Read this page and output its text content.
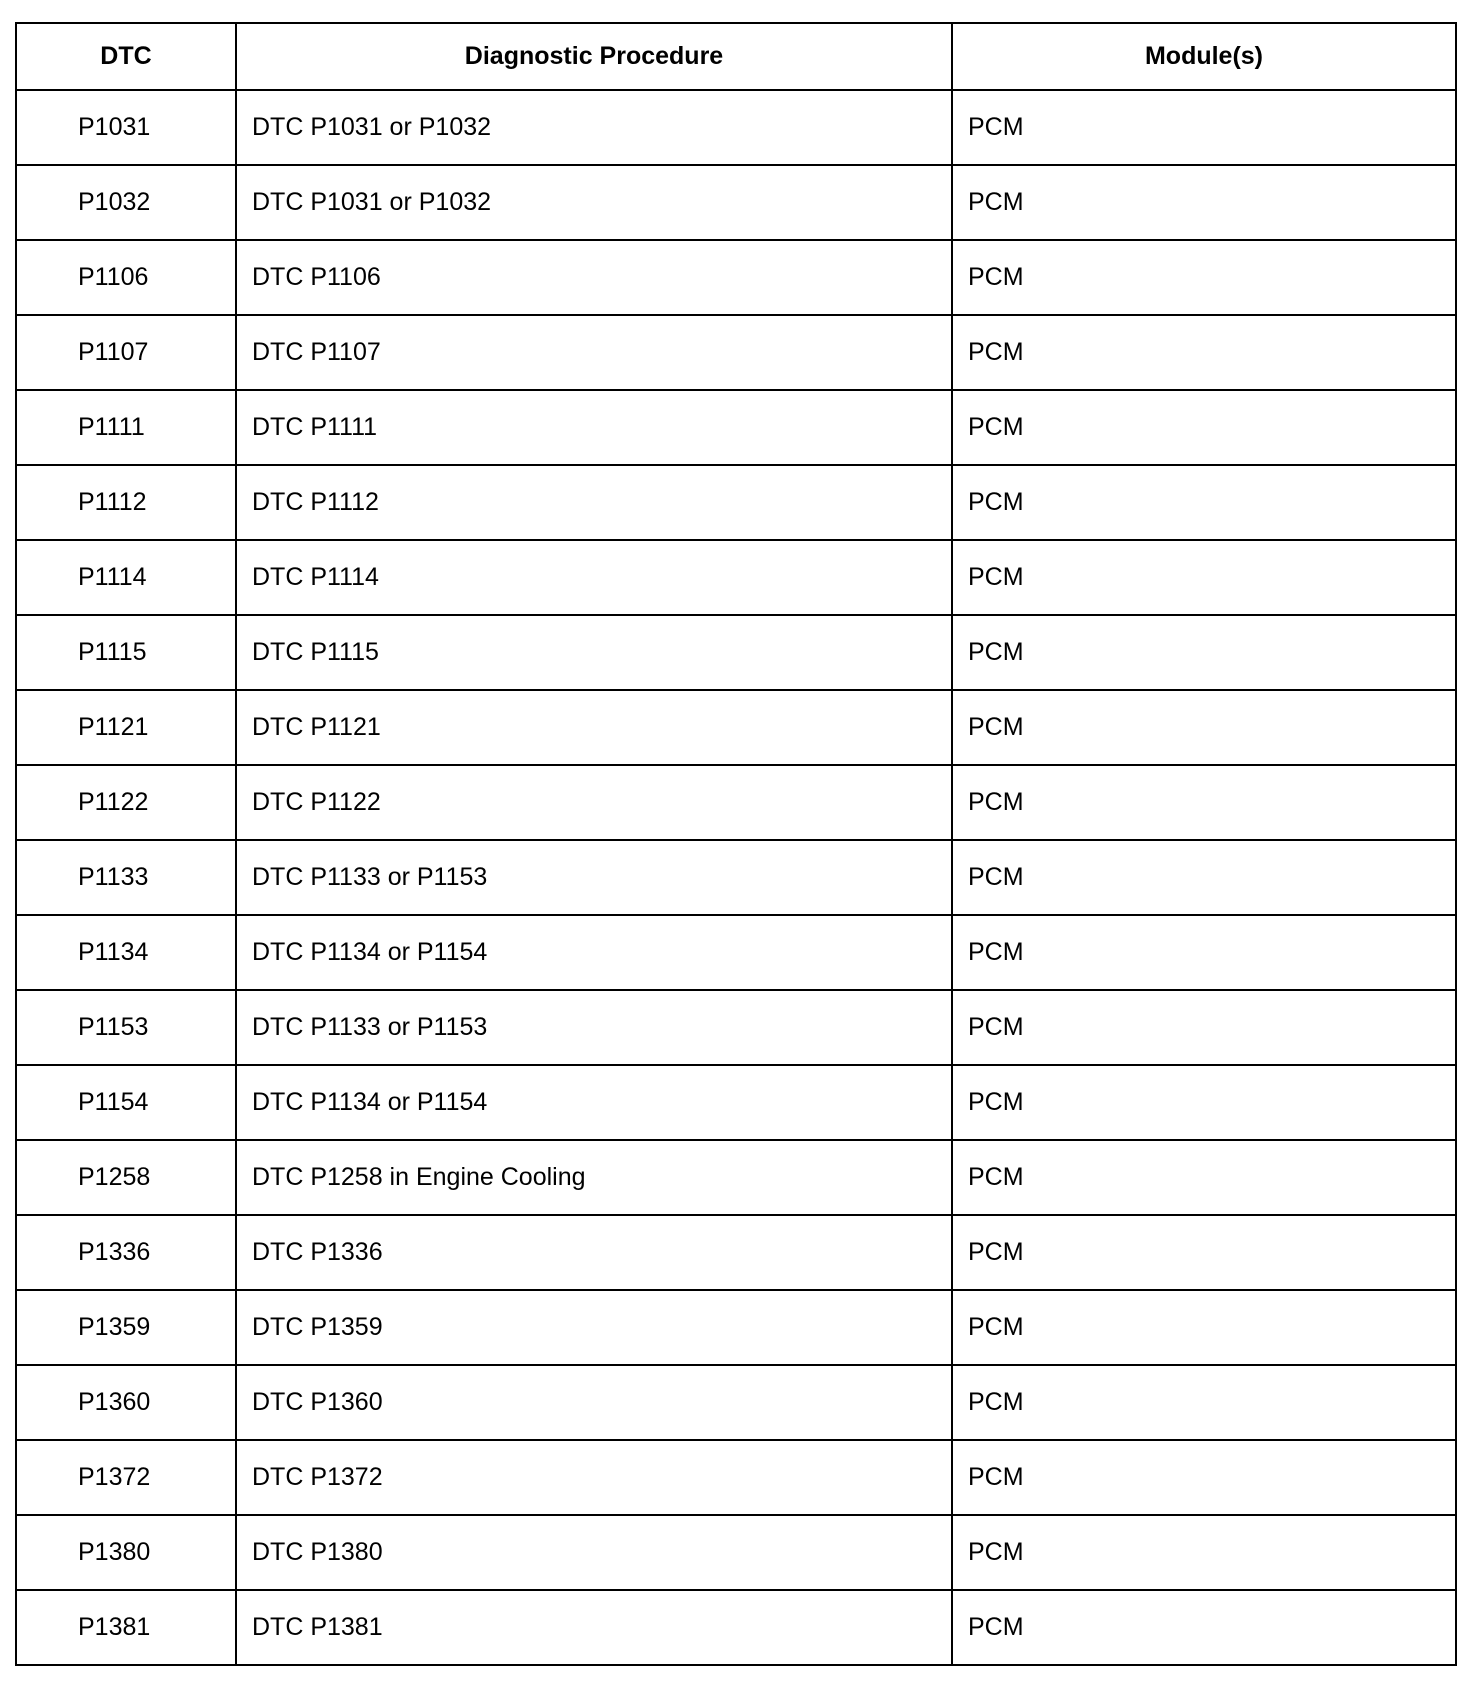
DTC	Diagnostic Procedure	Module(s)
P1031	DTC P1031 or P1032	PCM
P1032	DTC P1031 or P1032	PCM
P1106	DTC P1106	PCM
P1107	DTC P1107	PCM
P1111	DTC P1111	PCM
P1112	DTC P1112	PCM
P1114	DTC P1114	PCM
P1115	DTC P1115	PCM
P1121	DTC P1121	PCM
P1122	DTC P1122	PCM
P1133	DTC P1133 or P1153	PCM
P1134	DTC P1134 or P1154	PCM
P1153	DTC P1133 or P1153	PCM
P1154	DTC P1134 or P1154	PCM
P1258	DTC P1258 in Engine Cooling	PCM
P1336	DTC P1336	PCM
P1359	DTC P1359	PCM
P1360	DTC P1360	PCM
P1372	DTC P1372	PCM
P1380	DTC P1380	PCM
P1381	DTC P1381	PCM
